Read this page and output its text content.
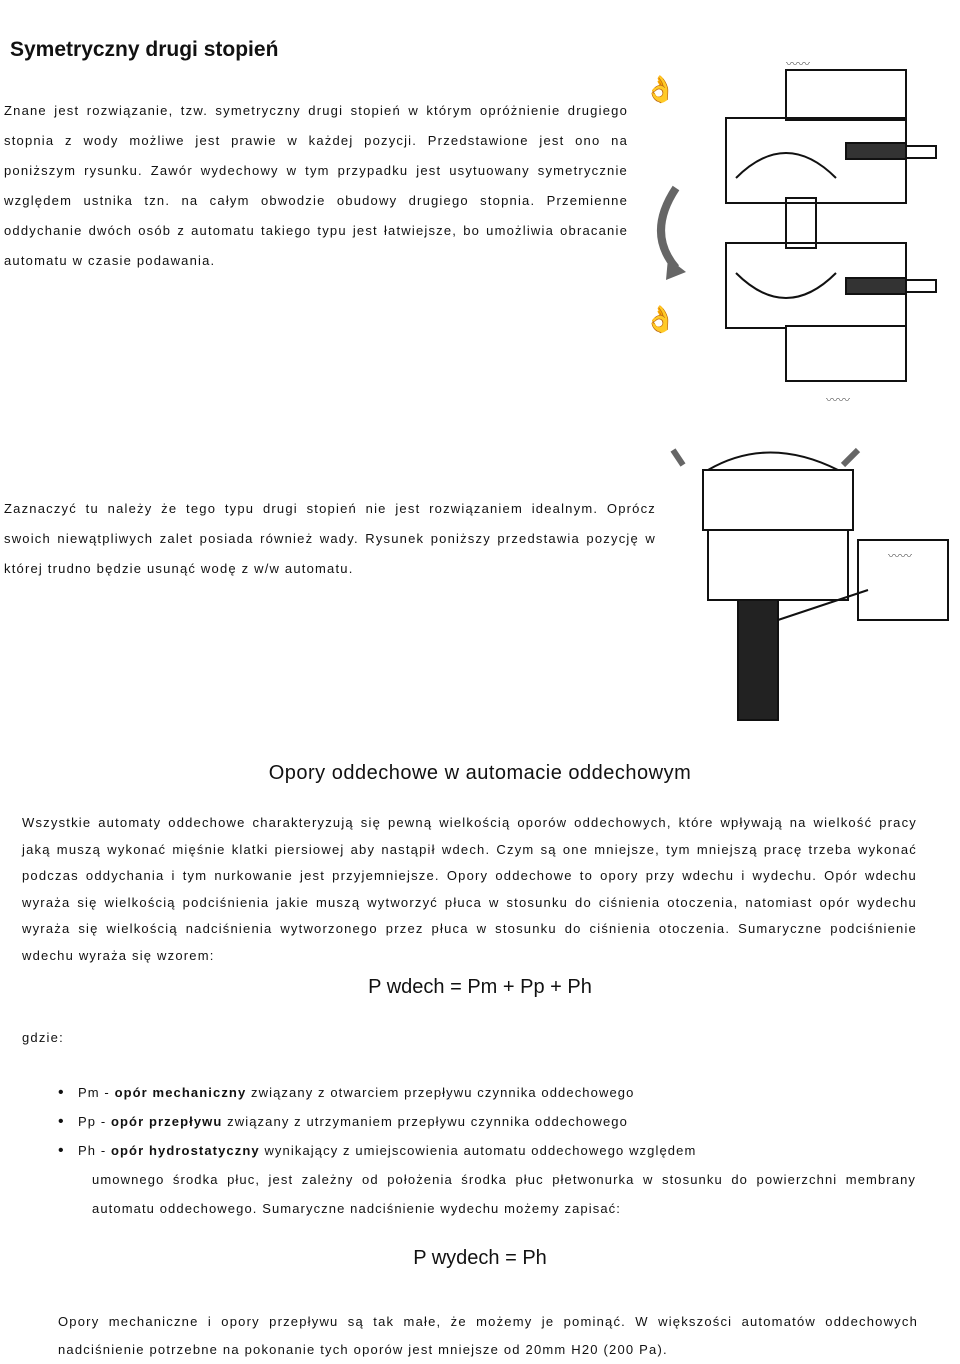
Symetryczny drugi stopień
Znane jest rozwiązanie, tzw. symetryczny drugi stopień w którym opróżnienie drugiego stopnia z wody możliwe jest prawie w każdej pozycji. Przedstawione jest ono na poniższym rysunku. Zawór wydechowy w tym przypadku jest usytuowany symetrycznie względem ustnika tzn. na całym obwodzie obudowy drugiego stopnia. Przemienne oddychanie dwóch osób z automatu takiego typu jest łatwiejsze, bo umożliwia obracanie automatu w czasie podawania.
〰〰
〰〰
👌
👌
Zaznaczyć tu należy że tego typu drugi stopień nie jest rozwiązaniem idealnym. Oprócz swoich niewątpliwych zalet posiada również wady. Rysunek poniższy przedstawia pozycję w której trudno będzie usunąć wodę z w/w automatu.
〰〰
Opory oddechowe w automacie oddechowym
Wszystkie automaty oddechowe charakteryzują się pewną wielkością oporów oddechowych, które wpływają na wielkość pracy jaką muszą wykonać mięśnie klatki piersiowej aby nastąpił wdech. Czym są one mniejsze, tym mniejszą pracę trzeba wykonać podczas oddychania i tym nurkowanie jest przyjemniejsze. Opory oddechowe to opory przy wdechu i wydechu. Opór wdechu wyraża się wielkością podciśnienia jakie muszą wytworzyć płuca w stosunku do ciśnienia otoczenia, natomiast opór wydechu wyraża się wielkością nadciśnienia wytworzonego przez płuca w stosunku do ciśnienia otoczenia. Sumaryczne podciśnienie wdechu wyraża się wzorem:
P wdech = Pm + Pp + Ph
gdzie:
• Pm - opór mechaniczny związany z otwarciem przepływu czynnika oddechowego
• Pp - opór przepływu związany z utrzymaniem przepływu czynnika oddechowego
• Ph - opór hydrostatyczny wynikający z umiejscowienia automatu oddechowego względem
umownego środka płuc, jest zależny od położenia środka płuc płetwonurka w stosunku do powierzchni membrany automatu oddechowego. Sumaryczne nadciśnienie wydechu możemy zapisać:
P wydech = Ph
Opory mechaniczne i opory przepływu są tak małe, że możemy je pominąć. W większości automatów oddechowych nadciśnienie potrzebne na pokonanie tych oporów jest mniejsze od 20mm H20 (200 Pa).
